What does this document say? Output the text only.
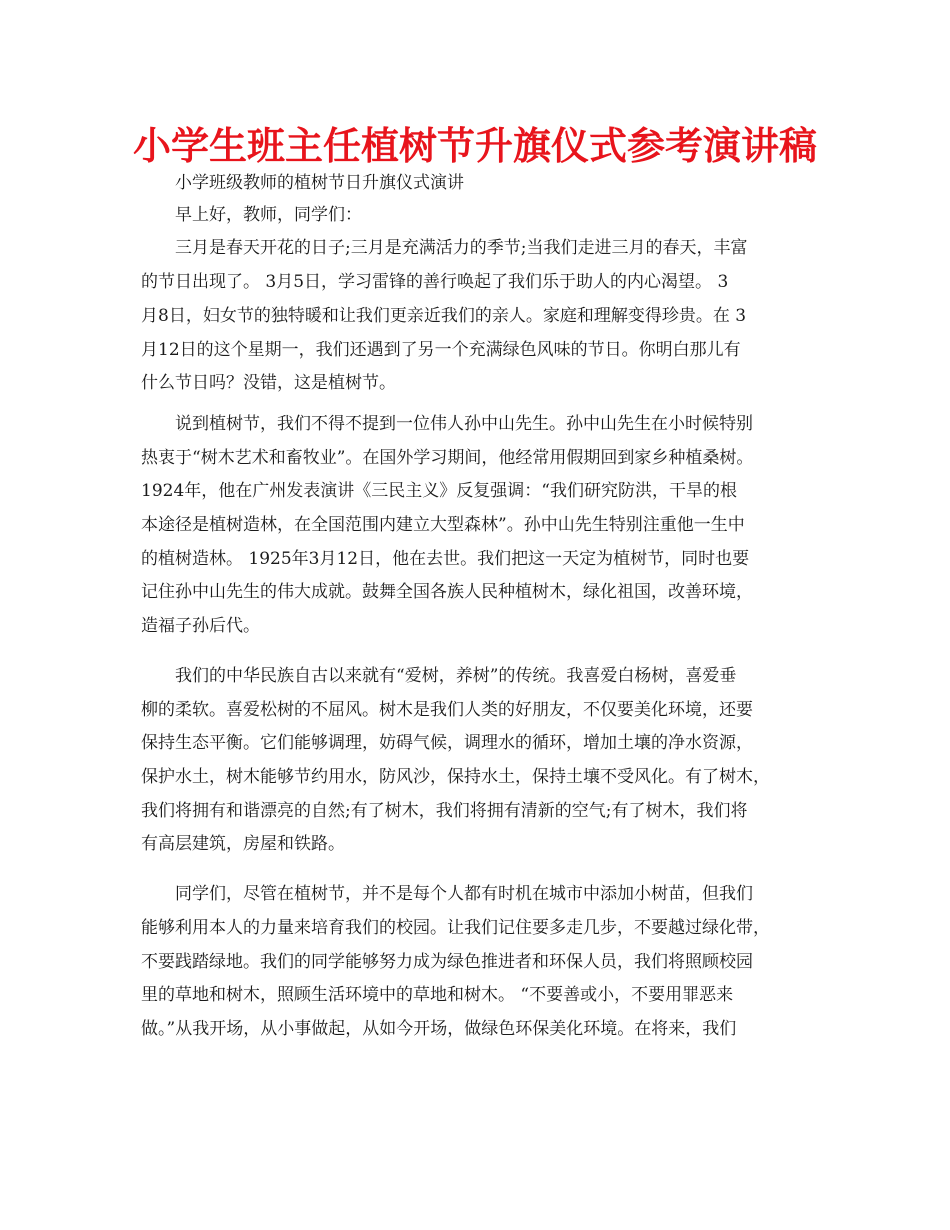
小学生班主任植树节升旗仪式参考演讲稿
小学班级教师的植树节日升旗仪式演讲
早上好，教师，同学们：
三月是春天开花的日子;三月是充满活力的季节;当我们走进三月的春天，丰富
的节日出现了。 3月5日，学习雷锋的善行唤起了我们乐于助人的内心渴望。 3
月8日，妇女节的独特暖和让我们更亲近我们的亲人。家庭和理解变得珍贵。在 3
月12日的这个星期一，我们还遇到了另一个充满绿色风味的节日。你明白那儿有
什么节日吗？没错，这是植树节。
说到植树节，我们不得不提到一位伟人孙中山先生。孙中山先生在小时候特别
热衷于“树木艺术和畜牧业”。在国外学习期间，他经常用假期回到家乡种植桑树。
1924年，他在广州发表演讲《三民主义》反复强调：“我们研究防洪，干旱的根
本途径是植树造林，在全国范围内建立大型森林”。孙中山先生特别注重他一生中
的植树造林。 1925年3月12日，他在去世。我们把这一天定为植树节，同时也要
记住孙中山先生的伟大成就。鼓舞全国各族人民种植树木，绿化祖国，改善环境，
造福子孙后代。
我们的中华民族自古以来就有“爱树，养树”的传统。我喜爱白杨树，喜爱垂
柳的柔软。喜爱松树的不屈风。树木是我们人类的好朋友，不仅要美化环境，还要
保持生态平衡。它们能够调理，妨碍气候，调理水的循环，增加土壤的净水资源，
保护水土，树木能够节约用水，防风沙，保持水土，保持土壤不受风化。有了树木，
我们将拥有和谐漂亮的自然;有了树木，我们将拥有清新的空气;有了树木，我们将
有高层建筑，房屋和铁路。
同学们，尽管在植树节，并不是每个人都有时机在城市中添加小树苗，但我们
能够利用本人的力量来培育我们的校园。让我们记住要多走几步，不要越过绿化带，
不要践踏绿地。我们的同学能够努力成为绿色推进者和环保人员，我们将照顾校园
里的草地和树木，照顾生活环境中的草地和树木。 “不要善或小，不要用罪恶来
做。”从我开场，从小事做起，从如今开场，做绿色环保美化环境。在将来，我们
